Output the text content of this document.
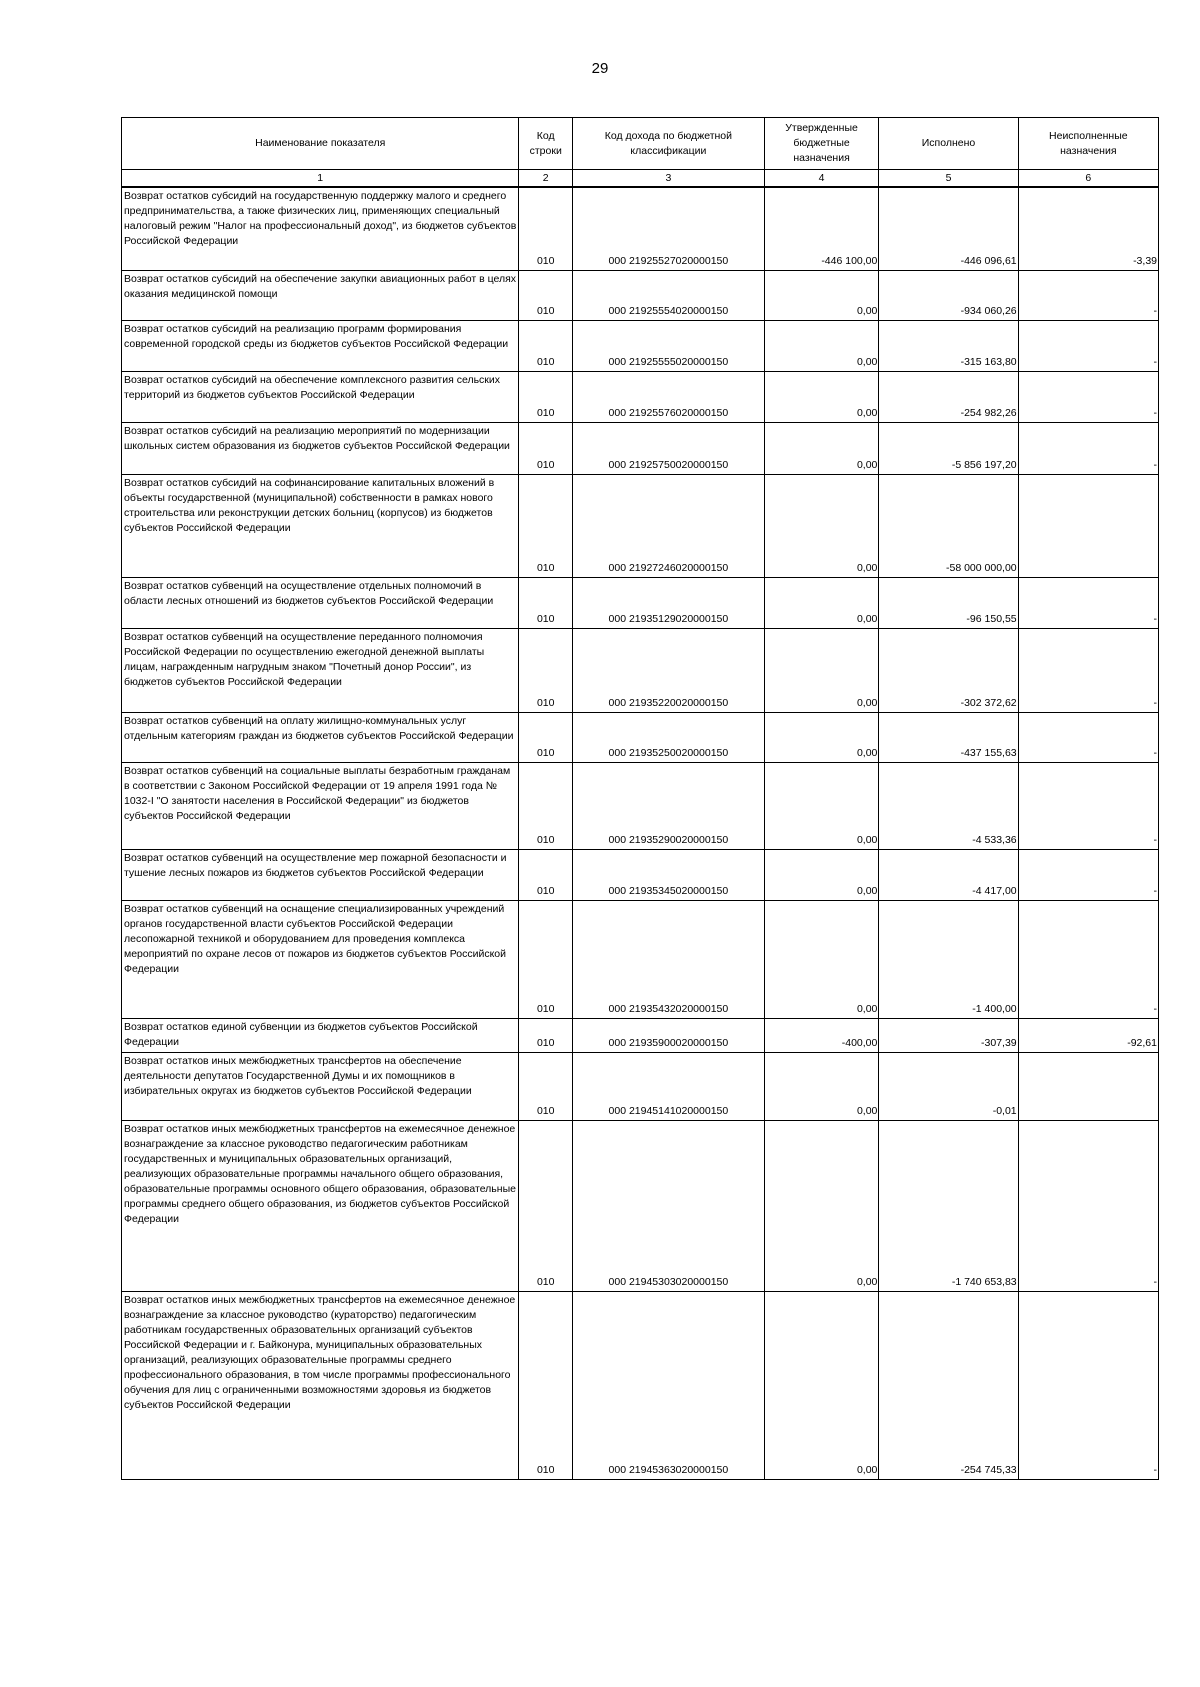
29
Наименование показателя	Код строки	Код дохода по бюджетной классификации	Утвержденные бюджетные назначения	Исполнено	Неисполненные назначения
1	2	3	4	5	6
Возврат остатков субсидий на государственную поддержку малого и среднего предпринимательства, а также физических лиц, применяющих специальный налоговый режим "Налог на профессиональный доход", из бюджетов субъектов Российской Федерации	010	000 21925527020000150	-446 100,00	-446 096,61	-3,39
Возврат остатков субсидий на обеспечение закупки авиационных работ в целях оказания медицинской помощи	010	000 21925554020000150	0,00	-934 060,26	-
Возврат остатков субсидий на реализацию программ формирования современной городской среды из бюджетов субъектов Российской Федерации	010	000 21925555020000150	0,00	-315 163,80	-
Возврат остатков субсидий на обеспечение комплексного развития сельских территорий из бюджетов субъектов Российской Федерации	010	000 21925576020000150	0,00	-254 982,26	-
Возврат остатков субсидий на реализацию мероприятий по модернизации школьных систем образования из бюджетов субъектов Российской Федерации	010	000 21925750020000150	0,00	-5 856 197,20	-
Возврат остатков субсидий на софинансирование капитальных вложений в объекты государственной (муниципальной) собственности в рамках нового строительства или реконструкции детских больниц (корпусов) из бюджетов субъектов Российской Федерации	010	000 21927246020000150	0,00	-58 000 000,00	
Возврат остатков субвенций на осуществление отдельных полномочий в области лесных отношений из бюджетов субъектов Российской Федерации	010	000 21935129020000150	0,00	-96 150,55	-
Возврат остатков субвенций на осуществление переданного полномочия Российской Федерации по осуществлению ежегодной денежной выплаты лицам, награжденным нагрудным знаком "Почетный донор России", из бюджетов субъектов Российской Федерации	010	000 21935220020000150	0,00	-302 372,62	-
Возврат остатков субвенций на оплату жилищно-коммунальных услуг отдельным категориям граждан из бюджетов субъектов Российской Федерации	010	000 21935250020000150	0,00	-437 155,63	-
Возврат остатков субвенций на социальные выплаты безработным гражданам в соответствии с Законом Российской Федерации от 19 апреля 1991 года № 1032-I "О занятости населения в Российской Федерации" из бюджетов субъектов Российской Федерации	010	000 21935290020000150	0,00	-4 533,36	-
Возврат остатков субвенций на осуществление мер пожарной безопасности и тушение лесных пожаров из бюджетов субъектов Российской Федерации	010	000 21935345020000150	0,00	-4 417,00	-
Возврат остатков субвенций на оснащение специализированных учреждений органов государственной власти субъектов Российской Федерации лесопожарной техникой и оборудованием для проведения комплекса мероприятий по охране лесов от пожаров из бюджетов субъектов Российской Федерации	010	000 21935432020000150	0,00	-1 400,00	-
Возврат остатков единой субвенции из бюджетов субъектов Российской Федерации	010	000 21935900020000150	-400,00	-307,39	-92,61
Возврат остатков иных межбюджетных трансфертов на обеспечение деятельности депутатов Государственной Думы и их помощников в избирательных округах из бюджетов субъектов Российской Федерации	010	000 21945141020000150	0,00	-0,01	
Возврат остатков иных межбюджетных трансфертов на ежемесячное денежное вознаграждение за классное руководство педагогическим работникам государственных и муниципальных образовательных организаций, реализующих образовательные программы начального общего образования, образовательные программы основного общего образования, образовательные программы среднего общего образования, из бюджетов субъектов Российской Федерации	010	000 21945303020000150	0,00	-1 740 653,83	-
Возврат остатков иных межбюджетных трансфертов на ежемесячное денежное вознаграждение за классное руководство (кураторство) педагогическим работникам государственных образовательных организаций субъектов Российской Федерации и г. Байконура, муниципальных образовательных организаций, реализующих образовательные программы среднего профессионального образования, в том числе программы профессионального обучения для лиц с ограниченными возможностями здоровья из бюджетов субъектов Российской Федерации	010	000 21945363020000150	0,00	-254 745,33	-
